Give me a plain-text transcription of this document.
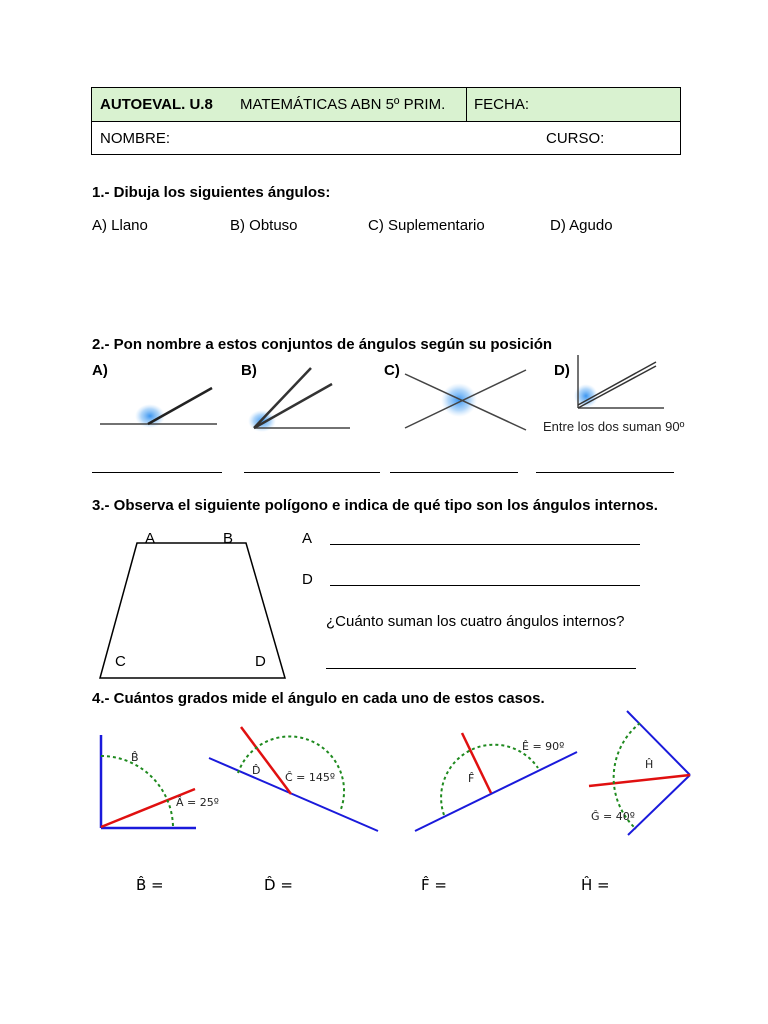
AUTOEVAL. U.8 MATEMÁTICAS ABN 5º PRIM. FECHA:
NOMBRE:	CURSO:
1.- Dibuja los siguientes ángulos:
A) Llano	B) Obtuso	C) Suplementario	D) Agudo
2.- Pon nombre a estos conjuntos de ángulos según su posición
A)	B)	C)	D)
Entre los dos suman 90º
3.- Observa el siguiente polígono e indica de qué tipo son los ángulos internos.
A	B
C	D
A
D
¿Cuánto suman los cuatro ángulos internos?
4.- Cuántos grados mide el ángulo en cada uno de estos casos.
B̂
Â = 25º
D̂
Ĉ = 145º
Ê = 90º
F̂
Ĥ
Ĝ = 40º
B̂ =	D̂ =	F̂ =	Ĥ =
